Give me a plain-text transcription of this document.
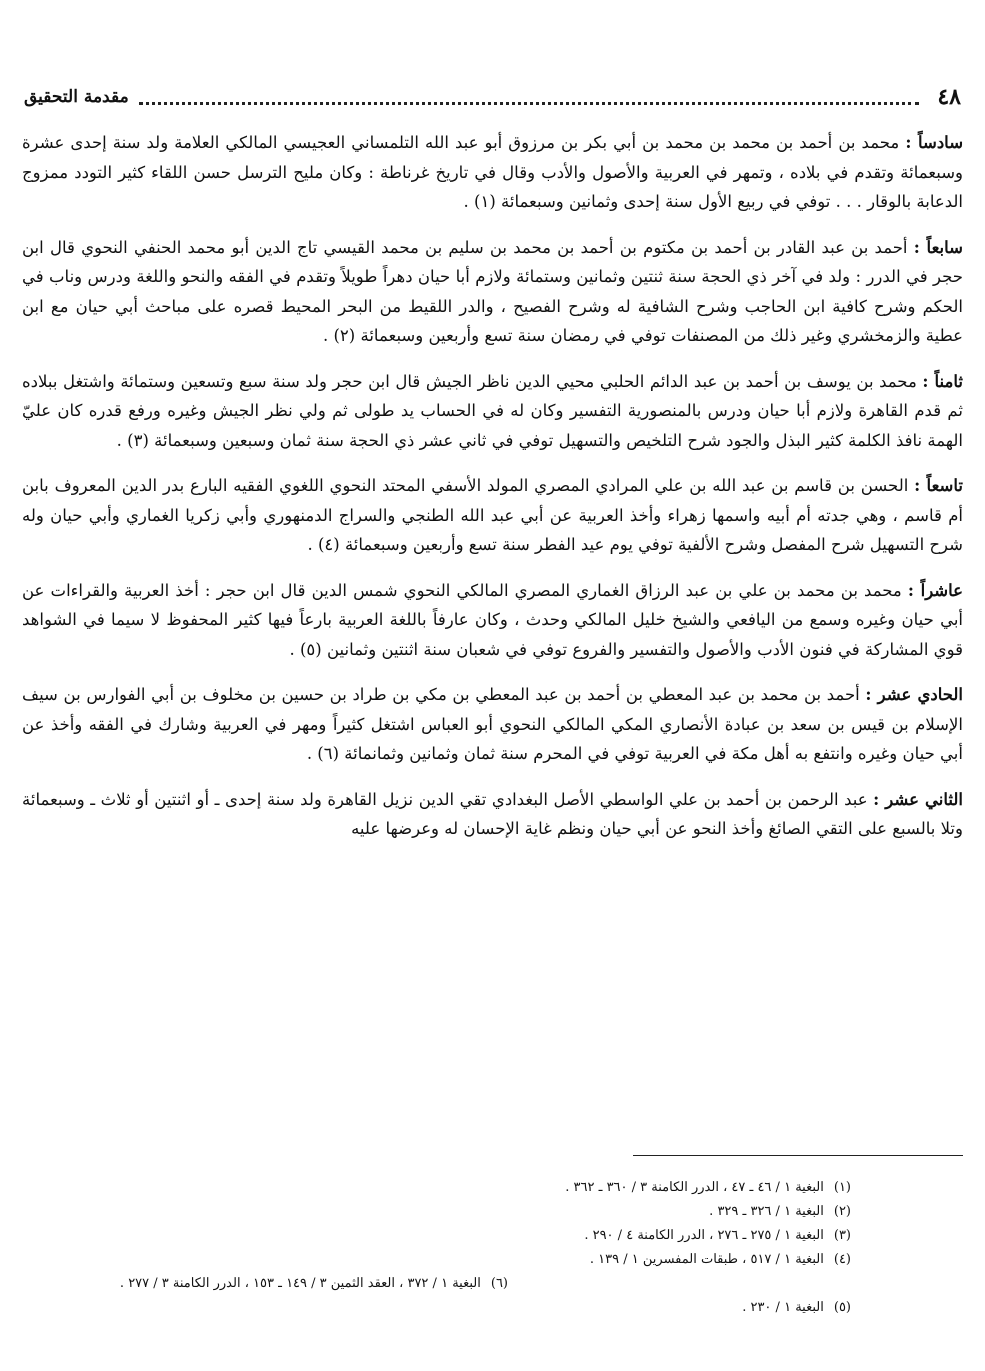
٤٨
مقدمة التحقيق

سادساً : محمد بن أحمد بن محمد بن محمد بن أبي بكر بن مرزوق أبو عبد الله التلمساني العجيسي المالكي العلامة ولد سنة إحدى عشرة وسبعمائة وتقدم في بلاده ، وتمهر في العربية والأصول والأدب وقال في تاريخ غرناطة : وكان مليح الترسل حسن اللقاء كثير التودد ممزوج الدعابة بالوقار . . . توفي في ربيع الأول سنة إحدى وثمانين وسبعمائة (١) .

سابعاً : أحمد بن عبد القادر بن أحمد بن مكتوم بن أحمد بن محمد بن سليم بن محمد القيسي تاج الدين أبو محمد الحنفي النحوي قال ابن حجر في الدرر : ولد في آخر ذي الحجة سنة ثنتين وثمانين وستمائة ولازم أبا حيان دهراً طويلاً وتقدم في الفقه والنحو واللغة ودرس وناب في الحكم وشرح كافية ابن الحاجب وشرح الشافية له وشرح الفصيح ، والدر اللقيط من البحر المحيط قصره على مباحث أبي حيان مع ابن عطية والزمخشري وغير ذلك من المصنفات توفي في رمضان سنة تسع وأربعين وسبعمائة (٢) .

ثامناً : محمد بن يوسف بن أحمد بن عبد الدائم الحلبي محيي الدين ناظر الجيش قال ابن حجر ولد سنة سبع وتسعين وستمائة واشتغل ببلاده ثم قدم القاهرة ولازم أبا حيان ودرس بالمنصورية التفسير وكان له في الحساب يد طولى ثم ولي نظر الجيش وغيره ورفع قدره كان عليّ الهمة نافذ الكلمة كثير البذل والجود شرح التلخيص والتسهيل توفي في ثاني عشر ذي الحجة سنة ثمان وسبعين وسبعمائة (٣) .

تاسعاً : الحسن بن قاسم بن عبد الله بن علي المرادي المصري المولد الأسفي المحتد النحوي اللغوي الفقيه البارع بدر الدين المعروف بابن أم قاسم ، وهي جدته أم أبيه واسمها زهراء وأخذ العربية عن أبي عبد الله الطنجي والسراج الدمنهوري وأبي زكريا الغماري وأبي حيان وله شرح التسهيل شرح المفصل وشرح الألفية توفي يوم عيد الفطر سنة تسع وأربعين وسبعمائة (٤) .

عاشراً : محمد بن محمد بن علي بن عبد الرزاق الغماري المصري المالكي النحوي شمس الدين قال ابن حجر : أخذ العربية والقراءات عن أبي حيان وغيره وسمع من اليافعي والشيخ خليل المالكي وحدث ، وكان عارفاً باللغة العربية بارعاً فيها كثير المحفوظ لا سيما في الشواهد قوي المشاركة في فنون الأدب والأصول والتفسير والفروع توفي في شعبان سنة اثنتين وثمانين (٥) .

الحادي عشر : أحمد بن محمد بن عبد المعطي بن أحمد بن عبد المعطي بن مكي بن طراد بن حسين بن مخلوف بن أبي الفوارس بن سيف الإسلام بن قيس بن سعد بن عبادة الأنصاري المكي المالكي النحوي أبو العباس اشتغل كثيراً ومهر في العربية وشارك في الفقه وأخذ عن أبي حيان وغيره وانتفع به أهل مكة في العربية توفي في المحرم سنة ثمان وثمانين وثمانمائة (٦) .

الثاني عشر : عبد الرحمن بن أحمد بن علي الواسطي الأصل البغدادي تقي الدين نزيل القاهرة ولد سنة إحدى ـ أو اثنتين أو ثلاث ـ وسبعمائة وتلا بالسبع على التقي الصائغ وأخذ النحو عن أبي حيان ونظم غاية الإحسان له وعرضها عليه

(١)البغية ١ / ٤٦ ـ ٤٧ ، الدرر الكامنة ٣ / ٣٦٠ ـ ٣٦٢ .
(٢)البغية ١ / ٣٢٦ ـ ٣٢٩ .
(٣)البغية ١ / ٢٧٥ ـ ٢٧٦ ، الدرر الكامنة ٤ / ٢٩٠ .
(٤)البغية ١ / ٥١٧ ، طبقات المفسرين ١ / ١٣٩ .
(٥)البغية ١ / ٢٣٠ .
(٦)البغية ١ / ٣٧٢ ، العقد الثمين ٣ / ١٤٩ ـ ١٥٣ ، الدرر الكامنة ٣ / ٢٧٧ .
